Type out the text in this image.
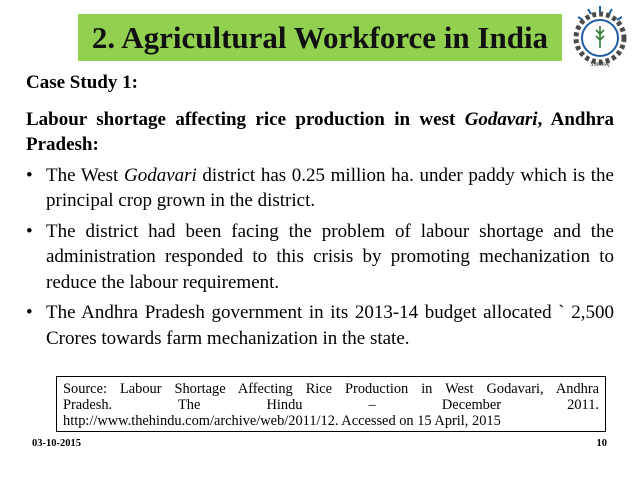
2. Agricultural Workforce in India
SWARAJ
Case Study 1:
Labour shortage affecting rice production in west Godavari, Andhra Pradesh:
• The West Godavari district has 0.25 million ha. under paddy which is the principal crop grown in the district.
• The district had been facing the problem of labour shortage and the administration responded to this crisis by promoting mechanization to reduce the labour requirement.
• The Andhra Pradesh government in its 2013-14 budget allocated ` 2,500 Crores towards farm mechanization in the state.
Source: Labour Shortage Affecting Rice Production in West Godavari, Andhra
Pradesh. The Hindu – December 2011.
http://www.thehindu.com/archive/web/2011/12. Accessed on 15 April, 2015
03-10-2015	10
